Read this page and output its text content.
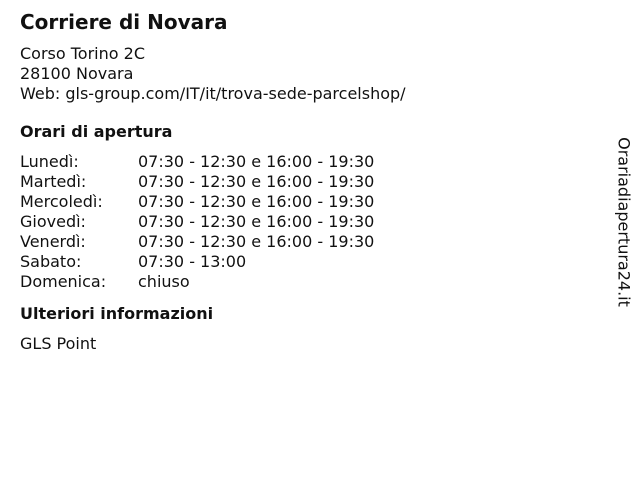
Corriere di Novara
Corso Torino 2C
28100 Novara
Web: gls-group.com/IT/it/trova-sede-parcelshop/
Orari di apertura
Lunedì:	07:30 - 12:30 e 16:00 - 19:30
Martedì:	07:30 - 12:30 e 16:00 - 19:30
Mercoledì:	07:30 - 12:30 e 16:00 - 19:30
Giovedì:	07:30 - 12:30 e 16:00 - 19:30
Venerdì:	07:30 - 12:30 e 16:00 - 19:30
Sabato:	07:30 - 13:00
Domenica:	chiuso
Ulteriori informazioni
GLS Point
Orariadiapertura24.it
